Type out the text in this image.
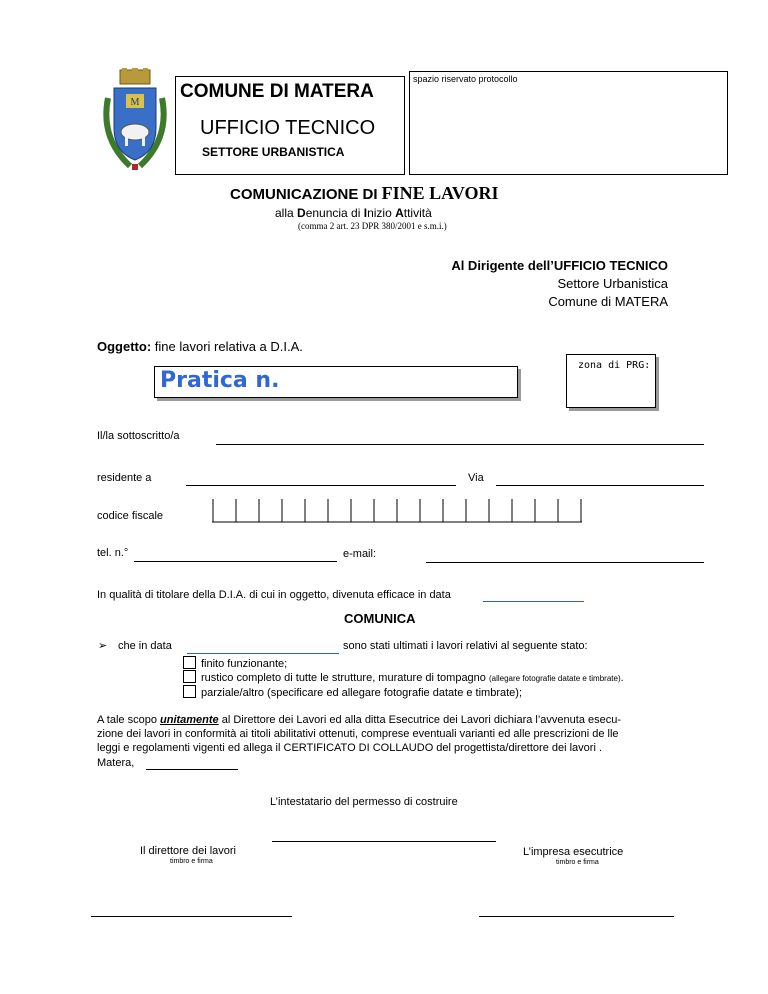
M
COMUNE DI MATERA
UFFICIO TECNICO
SETTORE URBANISTICA
spazio riservato protocollo
COMUNICAZIONE DI FINE LAVORI
alla Denuncia di Inizio Attività
(comma 2 art. 23 DPR 380/2001 e s.m.i.)
Al Dirigente dell’UFFICIO TECNICO
Settore Urbanistica
Comune di MATERA
Oggetto: fine lavori relativa a D.I.A.
Pratica n.
zona di PRG:
Il/la sottoscritto/a
residente a	Via
codice fiscale
tel. n.°	e-mail:
In qualità di titolare della D.I.A. di cui in oggetto, divenuta efficace in data
COMUNICA
➢ che in data	sono stati ultimati i lavori relativi al seguente stato:
finito funzionante;
rustico completo di tutte le strutture, murature di tompagno (allegare fotografie datate e timbrate).
parziale/altro (specificare ed allegare fotografie datate e timbrate);
A tale scopo unitamente al Direttore dei Lavori ed alla ditta Esecutrice dei Lavori dichiara l’avvenuta esecu-
zione dei lavori in conformità ai titoli abilitativi ottenuti, comprese eventuali varianti ed alle prescrizioni de lle
leggi e regolamenti vigenti ed allega il CERTIFICATO DI COLLAUDO del progettista/direttore dei lavori .
Matera,
L’intestatario del permesso di costruire
Il direttore dei lavori
timbro e firma
L’impresa esecutrice
timbro e firma
